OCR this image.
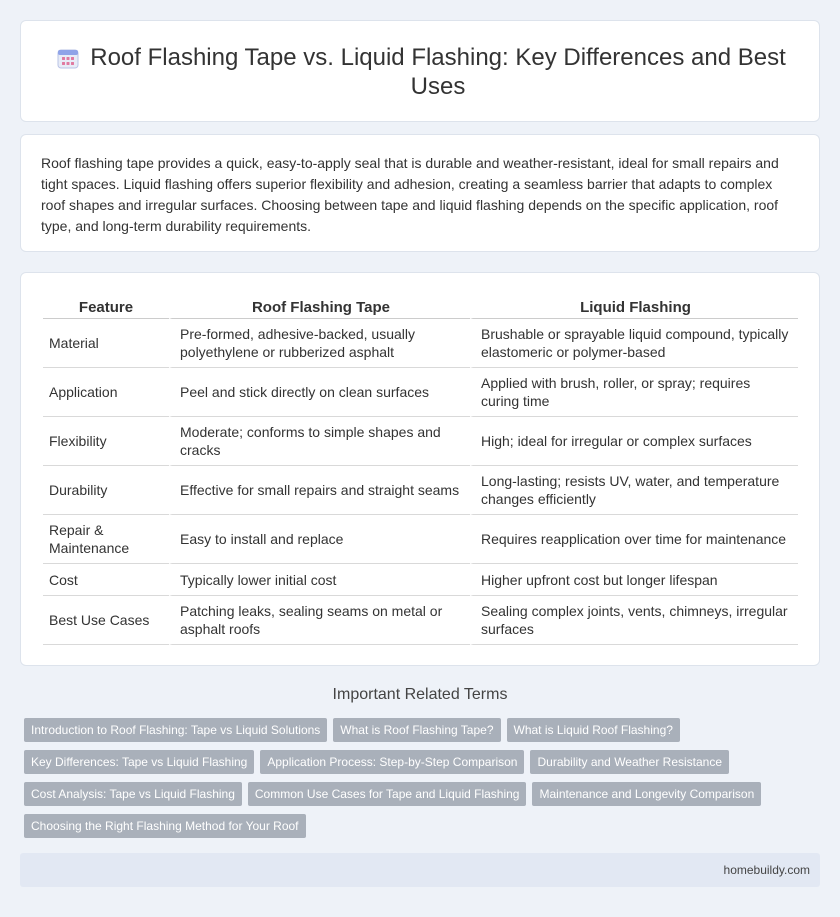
Roof Flashing Tape vs. Liquid Flashing: Key Differences and Best Uses

Roof flashing tape provides a quick, easy-to-apply seal that is durable and weather-resistant, ideal for small repairs and tight spaces. Liquid flashing offers superior flexibility and adhesion, creating a seamless barrier that adapts to complex roof shapes and irregular surfaces. Choosing between tape and liquid flashing depends on the specific application, roof type, and long-term durability requirements.

Feature	Roof Flashing Tape	Liquid Flashing
Material	Pre-formed, adhesive-backed, usually polyethylene or rubberized asphalt	Brushable or sprayable liquid compound, typically elastomeric or polymer-based
Application	Peel and stick directly on clean surfaces	Applied with brush, roller, or spray; requires curing time
Flexibility	Moderate; conforms to simple shapes and cracks	High; ideal for irregular or complex surfaces
Durability	Effective for small repairs and straight seams	Long-lasting; resists UV, water, and temperature changes efficiently
Repair & Maintenance	Easy to install and replace	Requires reapplication over time for maintenance
Cost	Typically lower initial cost	Higher upfront cost but longer lifespan
Best Use Cases	Patching leaks, sealing seams on metal or asphalt roofs	Sealing complex joints, vents, chimneys, irregular surfaces
Important Related Terms
Introduction to Roof Flashing: Tape vs Liquid Solutions What is Roof Flashing Tape? What is Liquid Roof Flashing?Key Differences: Tape vs Liquid Flashing Application Process: Step-by-Step Comparison Durability and Weather ResistanceCost Analysis: Tape vs Liquid Flashing Common Use Cases for Tape and Liquid Flashing Maintenance and Longevity ComparisonChoosing the Right Flashing Method for Your Roof
homebuildy.com
